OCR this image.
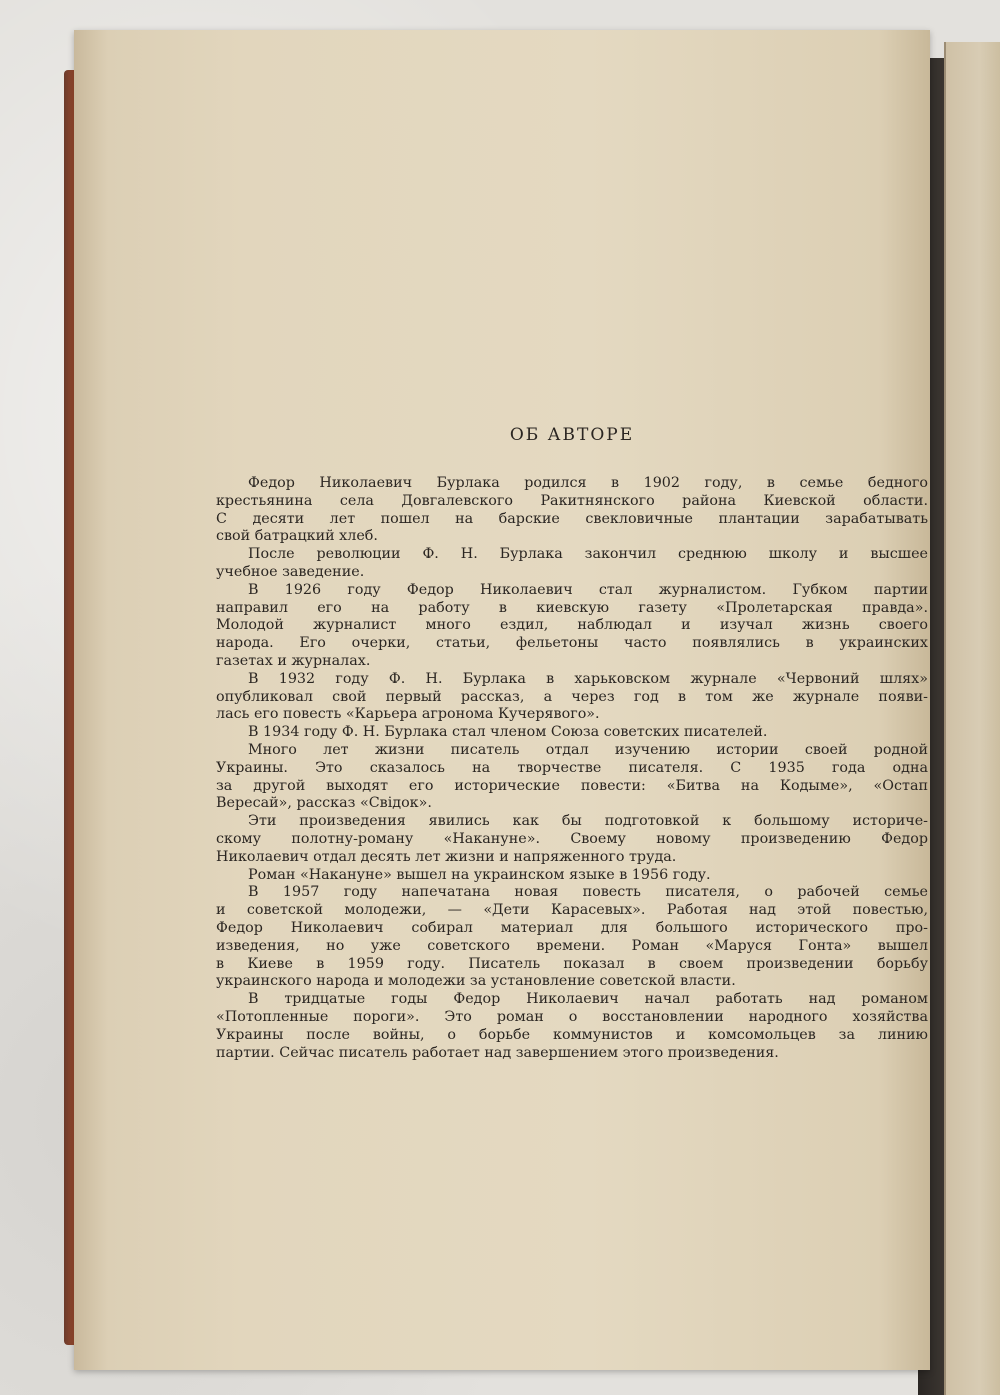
ОБ АВТОРЕ
Федор Николаевич Бурлака родился в 1902 году, в семье бедного
крестьянина села Довгалевского Ракитнянского района Киевской области.
С десяти лет пошел на барские свекловичные плантации зарабатывать
свой батрацкий хлеб.
После революции Ф. Н. Бурлака закончил среднюю школу и высшее
учебное заведение.
В 1926 году Федор Николаевич стал журналистом. Губком партии
направил его на работу в киевскую газету «Пролетарская правда».
Молодой журналист много ездил, наблюдал и изучал жизнь своего
народа. Его очерки, статьи, фельетоны часто появлялись в украинских
газетах и журналах.
В 1932 году Ф. Н. Бурлака в харьковском журнале «Червоний шлях»
опубликовал свой первый рассказ, а через год в том же журнале появи-
лась его повесть «Карьера агронома Кучерявого».
В 1934 году Ф. Н. Бурлака стал членом Союза советских писателей.
Много лет жизни писатель отдал изучению истории своей родной
Украины. Это сказалось на творчестве писателя. С 1935 года одна
за другой выходят его исторические повести: «Битва на Кодыме», «Остап
Вересай», рассказ «Свідок».
Эти произведения явились как бы подготовкой к большому историче-
скому полотну-роману «Накануне». Своему новому произведению Федор
Николаевич отдал десять лет жизни и напряженного труда.
Роман «Накануне» вышел на украинском языке в 1956 году.
В 1957 году напечатана новая повесть писателя, о рабочей семье
и советской молодежи, — «Дети Карасевых». Работая над этой повестью,
Федор Николаевич собирал материал для большого исторического про-
изведения, но уже советского времени. Роман «Маруся Гонта» вышел
в Киеве в 1959 году. Писатель показал в своем произведении борьбу
украинского народа и молодежи за установление советской власти.
В тридцатые годы Федор Николаевич начал работать над романом
«Потопленные пороги». Это роман о восстановлении народного хозяйства
Украины после войны, о борьбе коммунистов и комсомольцев за линию
партии. Сейчас писатель работает над завершением этого произведения.
